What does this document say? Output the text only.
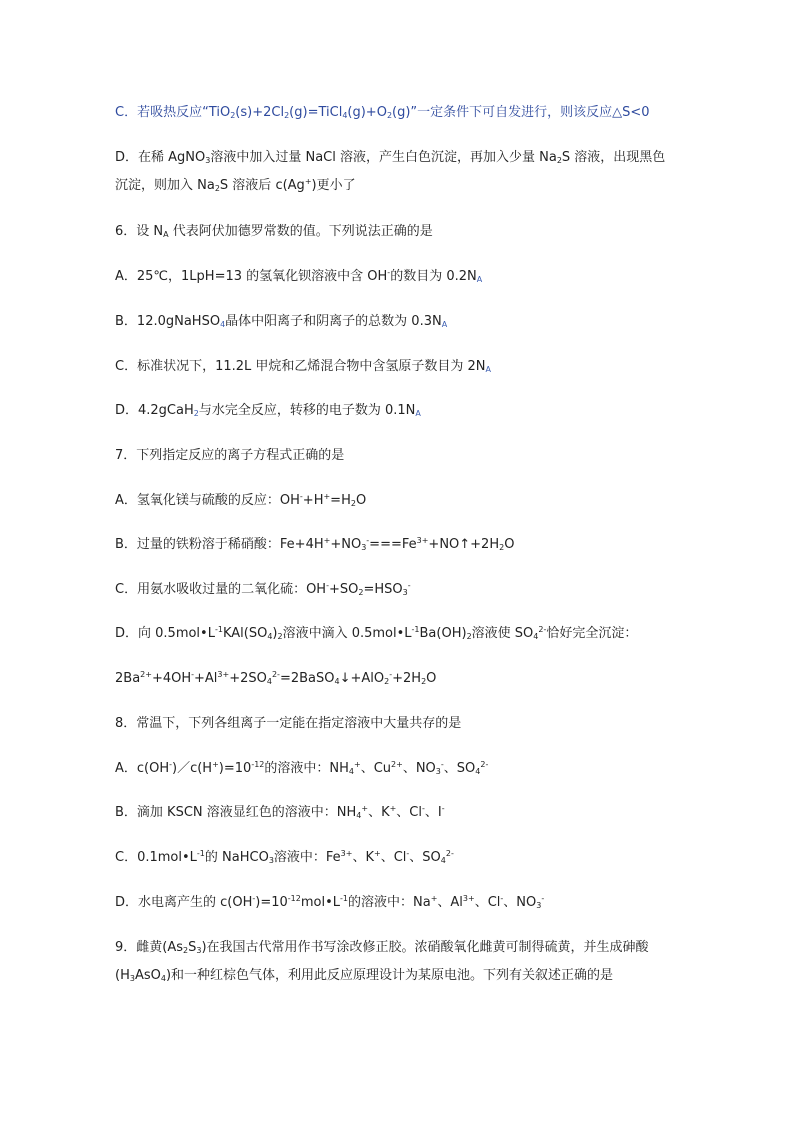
C．若吸热反应“$TiO_2(s)+2Cl_2(g)=TiCl_4(g)+O_2(g)$”一定条件下可自发进行，则该反应△S<0
D．在稀 AgNO$_3$溶液中加入过量 NaCl 溶液，产生白色沉淀，再加入少量 $Na_2S$ 溶液，出现黑色
沉淀，则加入 $Na_2S$ 溶液后 c(Ag+)更小了
6．设 $N_A$ 代表阿伏加德罗常数的值。下列说法正确的是
A．25℃，1LpH=13 的氢氧化钡溶液中含 OH-的数目为 $0.2N_A$
B．12.0gNaHSO$_4$晶体中阳离子和阴离子的总数为 $0.3N_A$
C．标准状况下，11.2L 甲烷和乙烯混合物中含氢原子数目为 $2N_A$
D．4.2gCaH$_2$与水完全反应，转移的电子数为 $0.1N_A$
7．下列指定反应的离子方程式正确的是
A．氢氧化镁与硫酸的反应：$OH^-+H^+=H_2O$
B．过量的铁粉溶于稀硝酸：$Fe+4H^++NO_3^-===Fe^{3+}+NO↑+2H_2O$
C．用氨水吸收过量的二氧化硫：$OH^-+SO_2=HSO_3^-$
D．向 $0.5mol•L^{-1}KAl(SO_4)_2$溶液中滴入 $0.5mol•L^{-1}Ba(OH)_2$溶液使 $SO_4^{2-}$恰好完全沉淀：
$2Ba^{2+}+4OH^-+Al^{3+}+2SO_4^{2-}=2BaSO_4↓+AlO_2^-+2H_2O$
8．常温下，下列各组离子一定能在指定溶液中大量共存的是
A．$c(OH^-)/c(H^+)=10^{-12}$的溶液中：$NH_4^+$、$Cu^{2+}$、$NO_3^-$、$SO_4^{2-}$
B．滴加 KSCN 溶液显红色的溶液中：$NH_4^+$、K+、Cl-、I-
C．$0.1mol•L^{-1}$的 NaHCO$_3$溶液中：$Fe^{3+}$、K+、Cl-、$SO_4^{2-}$
D．水电离产生的 $c(OH^-)=10^{-12}mol•L^{-1}$的溶液中：Na+、$Al^{3+}$、Cl-、$NO_3^-$
9．雌黄$(As_2S_3)$在我国古代常用作书写涂改修正胶。浓硝酸氧化雌黄可制得硫黄，并生成砷酸
$(H_3AsO_4)$和一种红棕色气体，利用此反应原理设计为某原电池。下列有关叙述正确的是
